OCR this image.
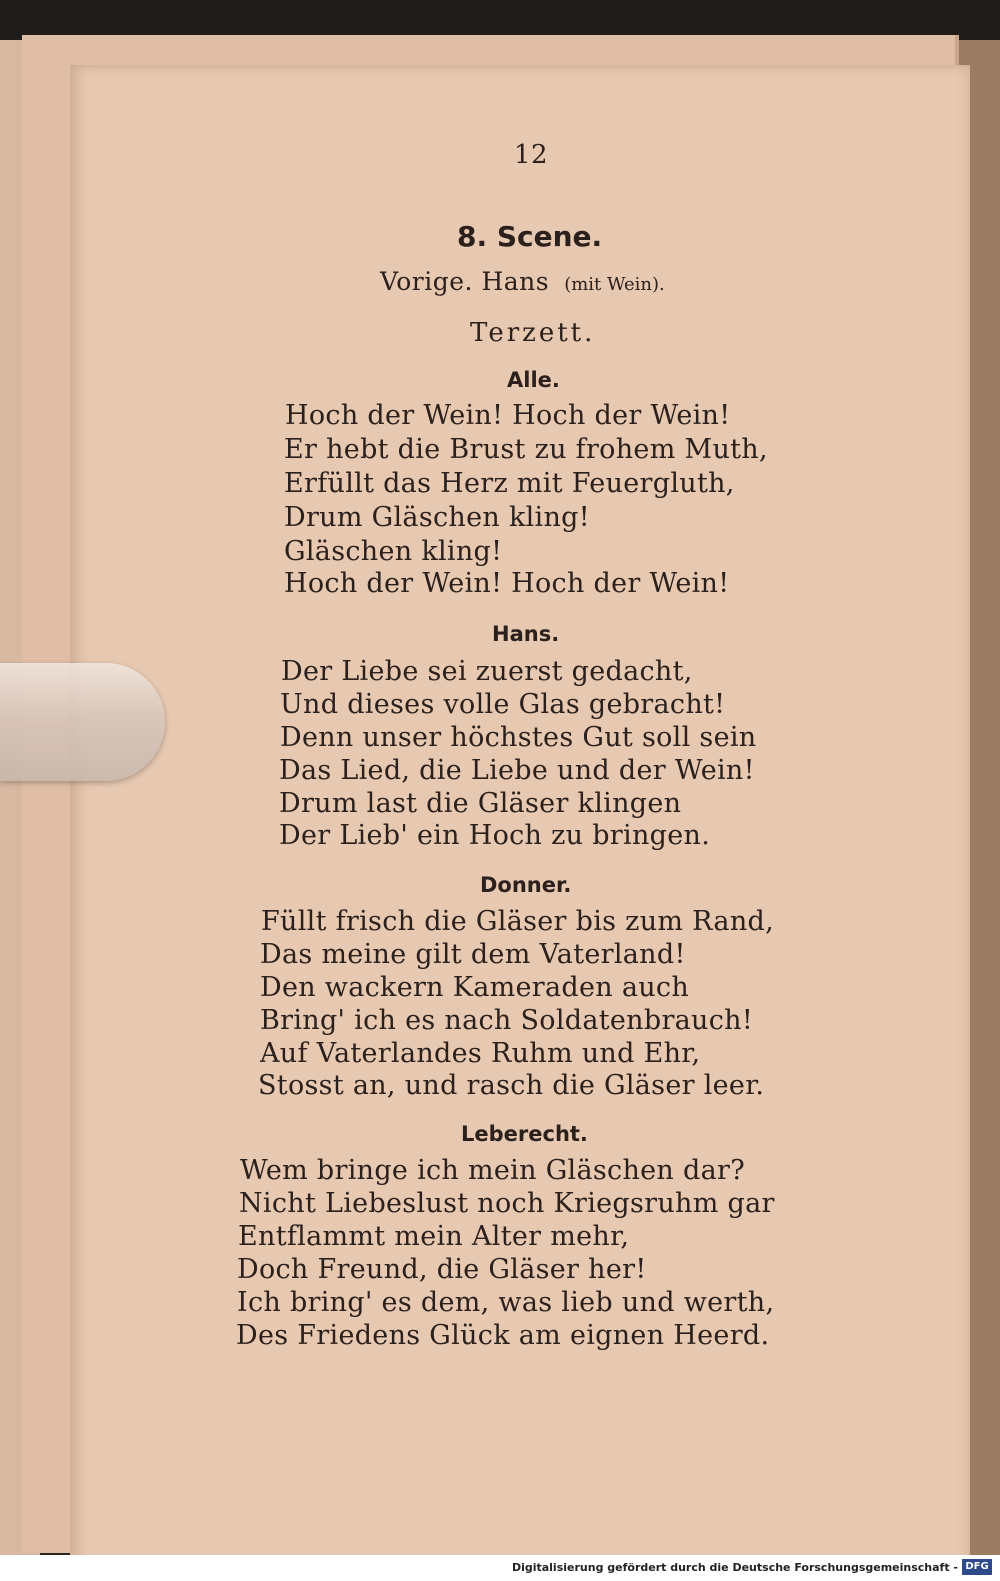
12
8. Scene.
Vorige. Hans (mit Wein).
Terzett.
Alle.
Hoch der Wein! Hoch der Wein!
Er hebt die Brust zu frohem Muth,
Erfüllt das Herz mit Feuergluth,
Drum Gläschen kling!
Gläschen kling!
Hoch der Wein! Hoch der Wein!
Hans.
Der Liebe sei zuerst gedacht,
Und dieses volle Glas gebracht!
Denn unser höchstes Gut soll sein
Das Lied, die Liebe und der Wein!
Drum last die Gläser klingen
Der Lieb' ein Hoch zu bringen.
Donner.
Füllt frisch die Gläser bis zum Rand,
Das meine gilt dem Vaterland!
Den wackern Kameraden auch
Bring' ich es nach Soldatenbrauch!
Auf Vaterlandes Ruhm und Ehr,
Stosst an, und rasch die Gläser leer.
Leberecht.
Wem bringe ich mein Gläschen dar?
Nicht Liebeslust noch Kriegsruhm gar
Entflammt mein Alter mehr,
Doch Freund, die Gläser her!
Ich bring' es dem, was lieb und werth,
Des Friedens Glück am eignen Heerd.
Digitalisierung gefördert durch die Deutsche Forschungsgemeinschaft - DFG
